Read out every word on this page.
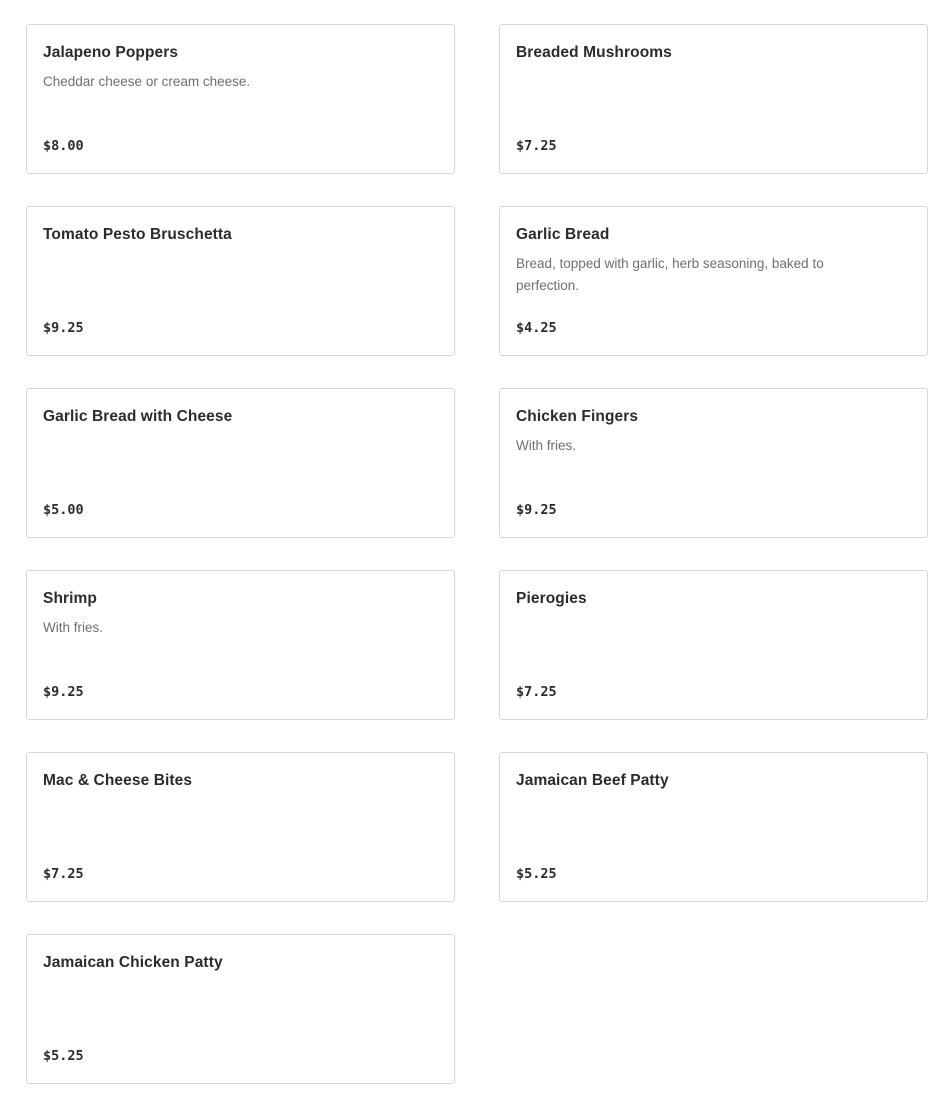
Jalapeno Poppers
Cheddar cheese or cream cheese.
$8.00
Breaded Mushrooms
$7.25
Tomato Pesto Bruschetta
$9.25
Garlic Bread
Bread, topped with garlic, herb seasoning, baked to perfection.
$4.25
Garlic Bread with Cheese
$5.00
Chicken Fingers
With fries.
$9.25
Shrimp
With fries.
$9.25
Pierogies
$7.25
Mac & Cheese Bites
$7.25
Jamaican Beef Patty
$5.25
Jamaican Chicken Patty
$5.25
